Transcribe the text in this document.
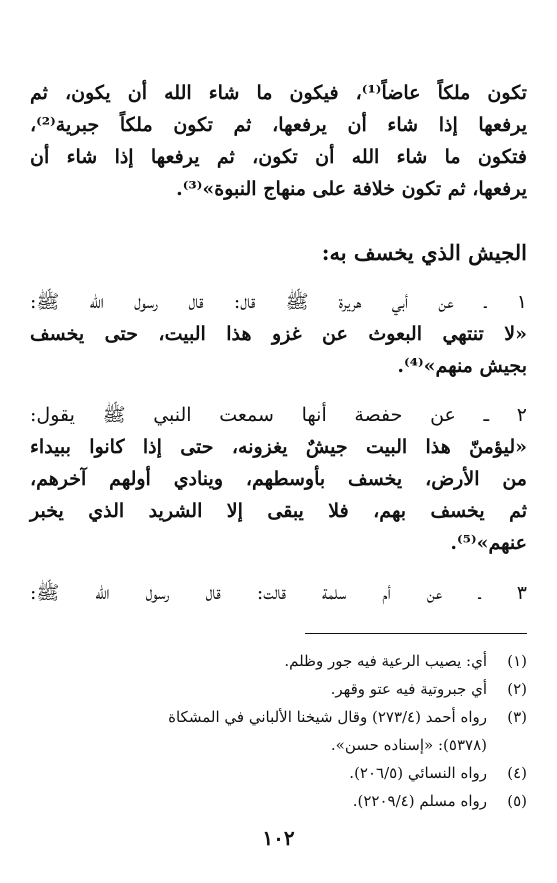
تكون ملكاً عاضاً⁽¹⁾، فيكون ما شاء الله أن يكون، ثم
يرفعها إذا شاء أن يرفعها، ثم تكون ملكاً جبرية⁽²⁾،
فتكون ما شاء الله أن تكون، ثم يرفعها إذا شاء أن
يرفعها، ثم تكون خلافة على منهاج النبوة»⁽³⁾.
الجيش الذي يخسف به:
١ ـ عن أبي هريرة ﷺ قال: قال رسول الله ﷺ:
«لا تنتهي البعوث عن غزو هذا البيت، حتى يخسف
بجيش منهم»⁽⁴⁾.
٢ ـ عن حفصة أنها سمعت النبي ﷺ يقول:
«ليؤمنّ هذا البيت جيشٌ يغزونه، حتى إذا كانوا ببيداء
من الأرض، يخسف بأوسطهم، وينادي أولهم آخرهم،
ثم يخسف بهم، فلا يبقى إلا الشريد الذي يخبر
عنهم»⁽⁵⁾.
٣ ـ عن أم سلمة قالت: قال رسول الله ﷺ:
(١)أي: يصيب الرعية فيه جور وظلم.
(٢)أي جبروتية فيه عتو وقهر.
(٣)رواه أحمد (٢٧٣/٤) وقال شيخنا الألباني في المشكاة
(٥٣٧٨): «إسناده حسن».
(٤)رواه النسائي (٢٠٦/٥).
(٥)رواه مسلم (٢٢٠٩/٤).
١٠٢
